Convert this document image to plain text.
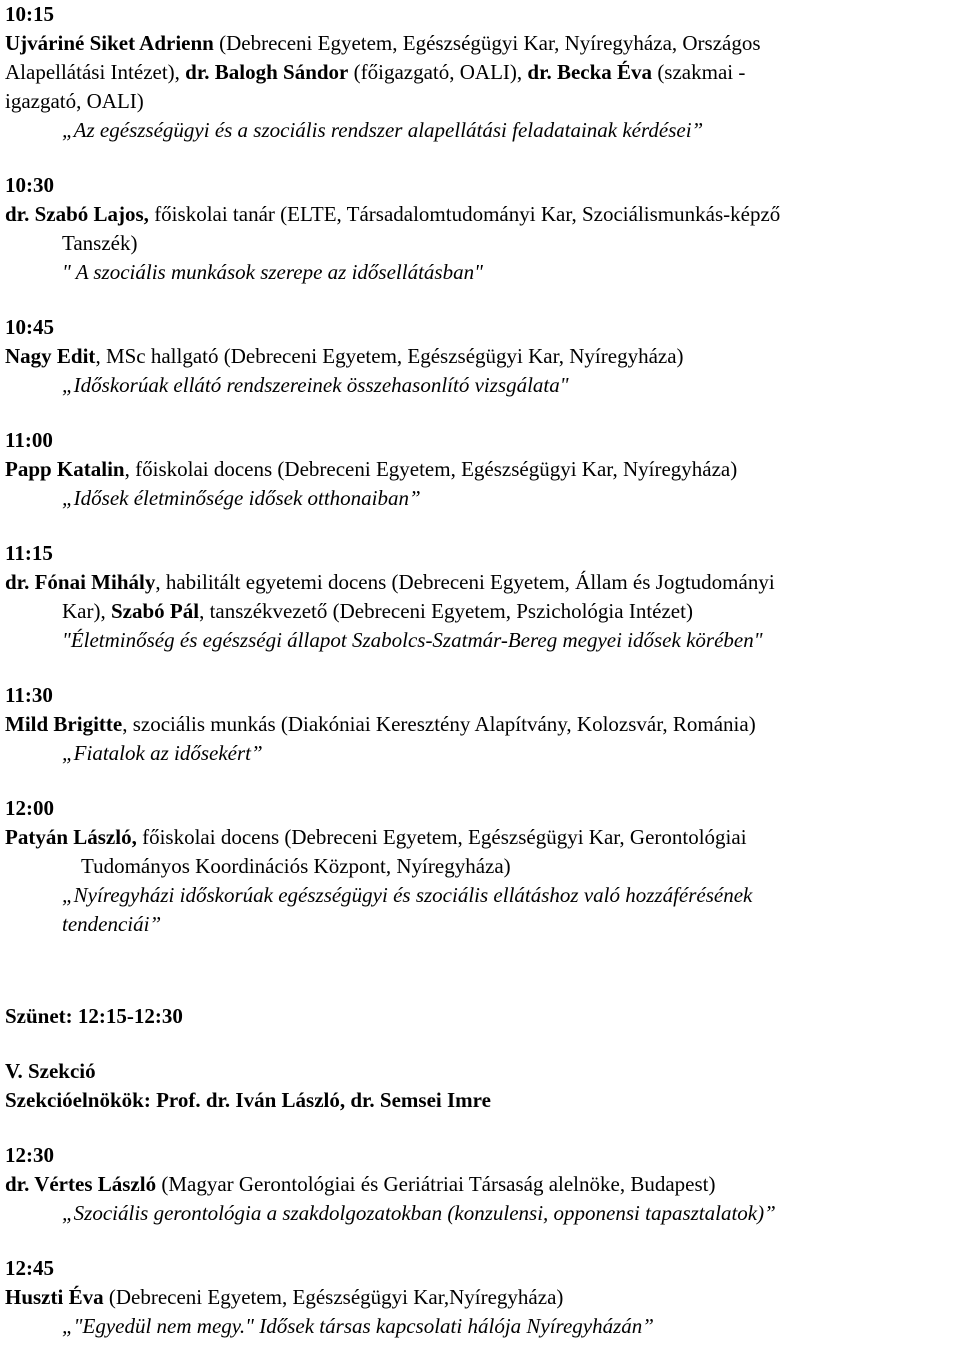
10:15

Ujváriné Siket Adrienn (Debreceni Egyetem, Egészségügyi Kar, Nyíregyháza, Országos

Alapellátási Intézet), dr. Balogh Sándor (főigazgató, OALI), dr. Becka Éva (szakmai -

igazgató, OALI)

„Az egészségügyi és a szociális rendszer alapellátási feladatainak kérdései”

10:30

dr. Szabó Lajos, főiskolai tanár (ELTE, Társadalomtudományi Kar, Szociálismunkás-képző

Tanszék)

" A szociális munkások szerepe az idősellátásban"

10:45

Nagy Edit, MSc hallgató (Debreceni Egyetem, Egészségügyi Kar, Nyíregyháza)

„Időskorúak ellátó rendszereinek összehasonlító vizsgálata"

11:00

Papp Katalin, főiskolai docens (Debreceni Egyetem, Egészségügyi Kar, Nyíregyháza)

„Idősek életminősége idősek otthonaiban”

11:15

dr. Fónai Mihály, habilitált egyetemi docens (Debreceni Egyetem, Állam és Jogtudományi

Kar), Szabó Pál, tanszékvezető (Debreceni Egyetem, Pszichológia Intézet)

"Életminőség és egészségi állapot Szabolcs-Szatmár-Bereg megyei idősek körében"

11:30

Mild Brigitte, szociális munkás (Diakóniai Keresztény Alapítvány, Kolozsvár, Románia)

„Fiatalok az idősekért”

12:00

Patyán László, főiskolai docens (Debreceni Egyetem, Egészségügyi Kar, Gerontológiai

Tudományos Koordinációs Központ, Nyíregyháza)

„Nyíregyházi időskorúak egészségügyi és szociális ellátáshoz való hozzáférésének

tendenciái”

Szünet: 12:15-12:30

V. Szekció

Szekcióelnökök: Prof. dr. Iván László, dr. Semsei Imre

12:30

dr. Vértes László (Magyar Gerontológiai és Geriátriai Társaság alelnöke, Budapest)

„Szociális gerontológia a szakdolgozatokban (konzulensi, opponensi tapasztalatok)”

12:45

Huszti Éva (Debreceni Egyetem, Egészségügyi Kar,Nyíregyháza)

„"Egyedül nem megy." Idősek társas kapcsolati hálója Nyíregyházán”
